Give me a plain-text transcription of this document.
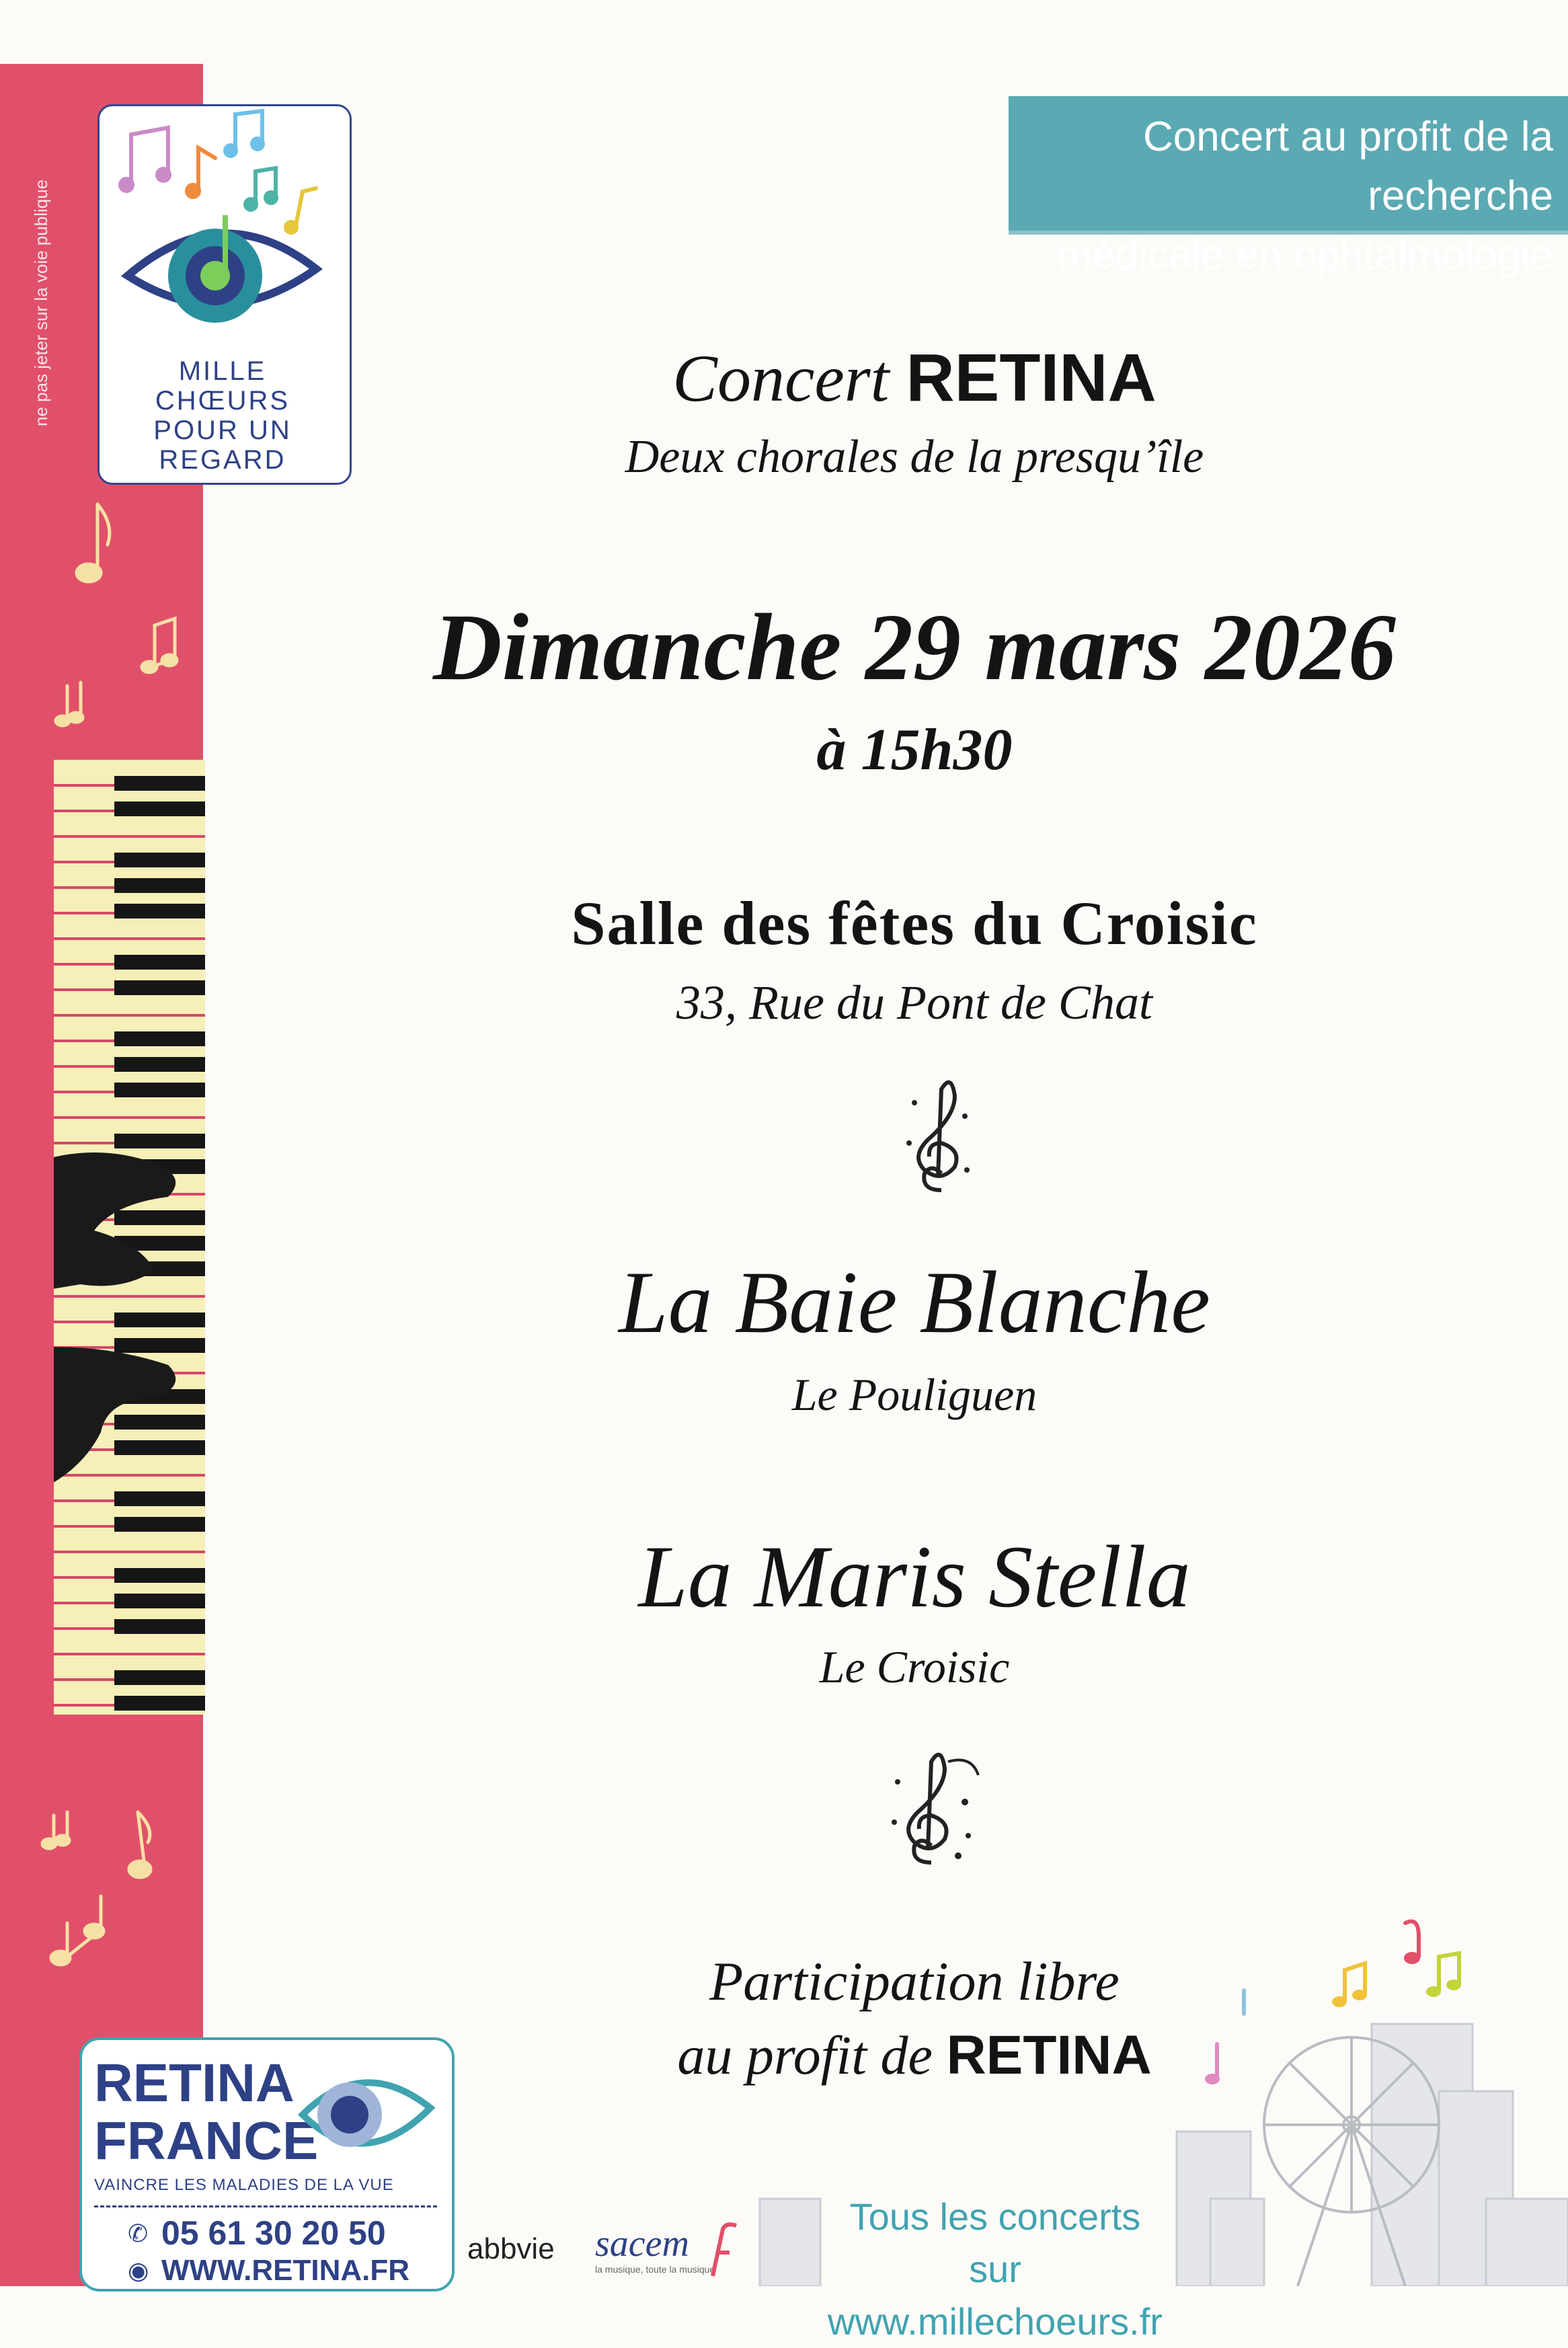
ne pas jeter sur la voie publique	MILLE
CHŒURS
POUR UN
REGARD
Concert au profit de la recherche
médicale en ophtalmologie
Concert RETINA
Deux chorales de la presqu’île
Dimanche 29 mars 2026
à 15h30
Salle des fêtes du Croisic
33, Rue du Pont de Chat
La Baie Blanche
Le Pouliguen
La Maris Stella
Le Croisic
Participation libre
au profit de RETINA
RETINA
FRANCE
VAINCRE LES MALADIES DE LA VUE
✆ 05 61 30 20 50
◉ WWW.RETINA.FR
abbvie sacem
la musique, toute la musique
Tous les concerts sur
www.millechoeurs.fr
